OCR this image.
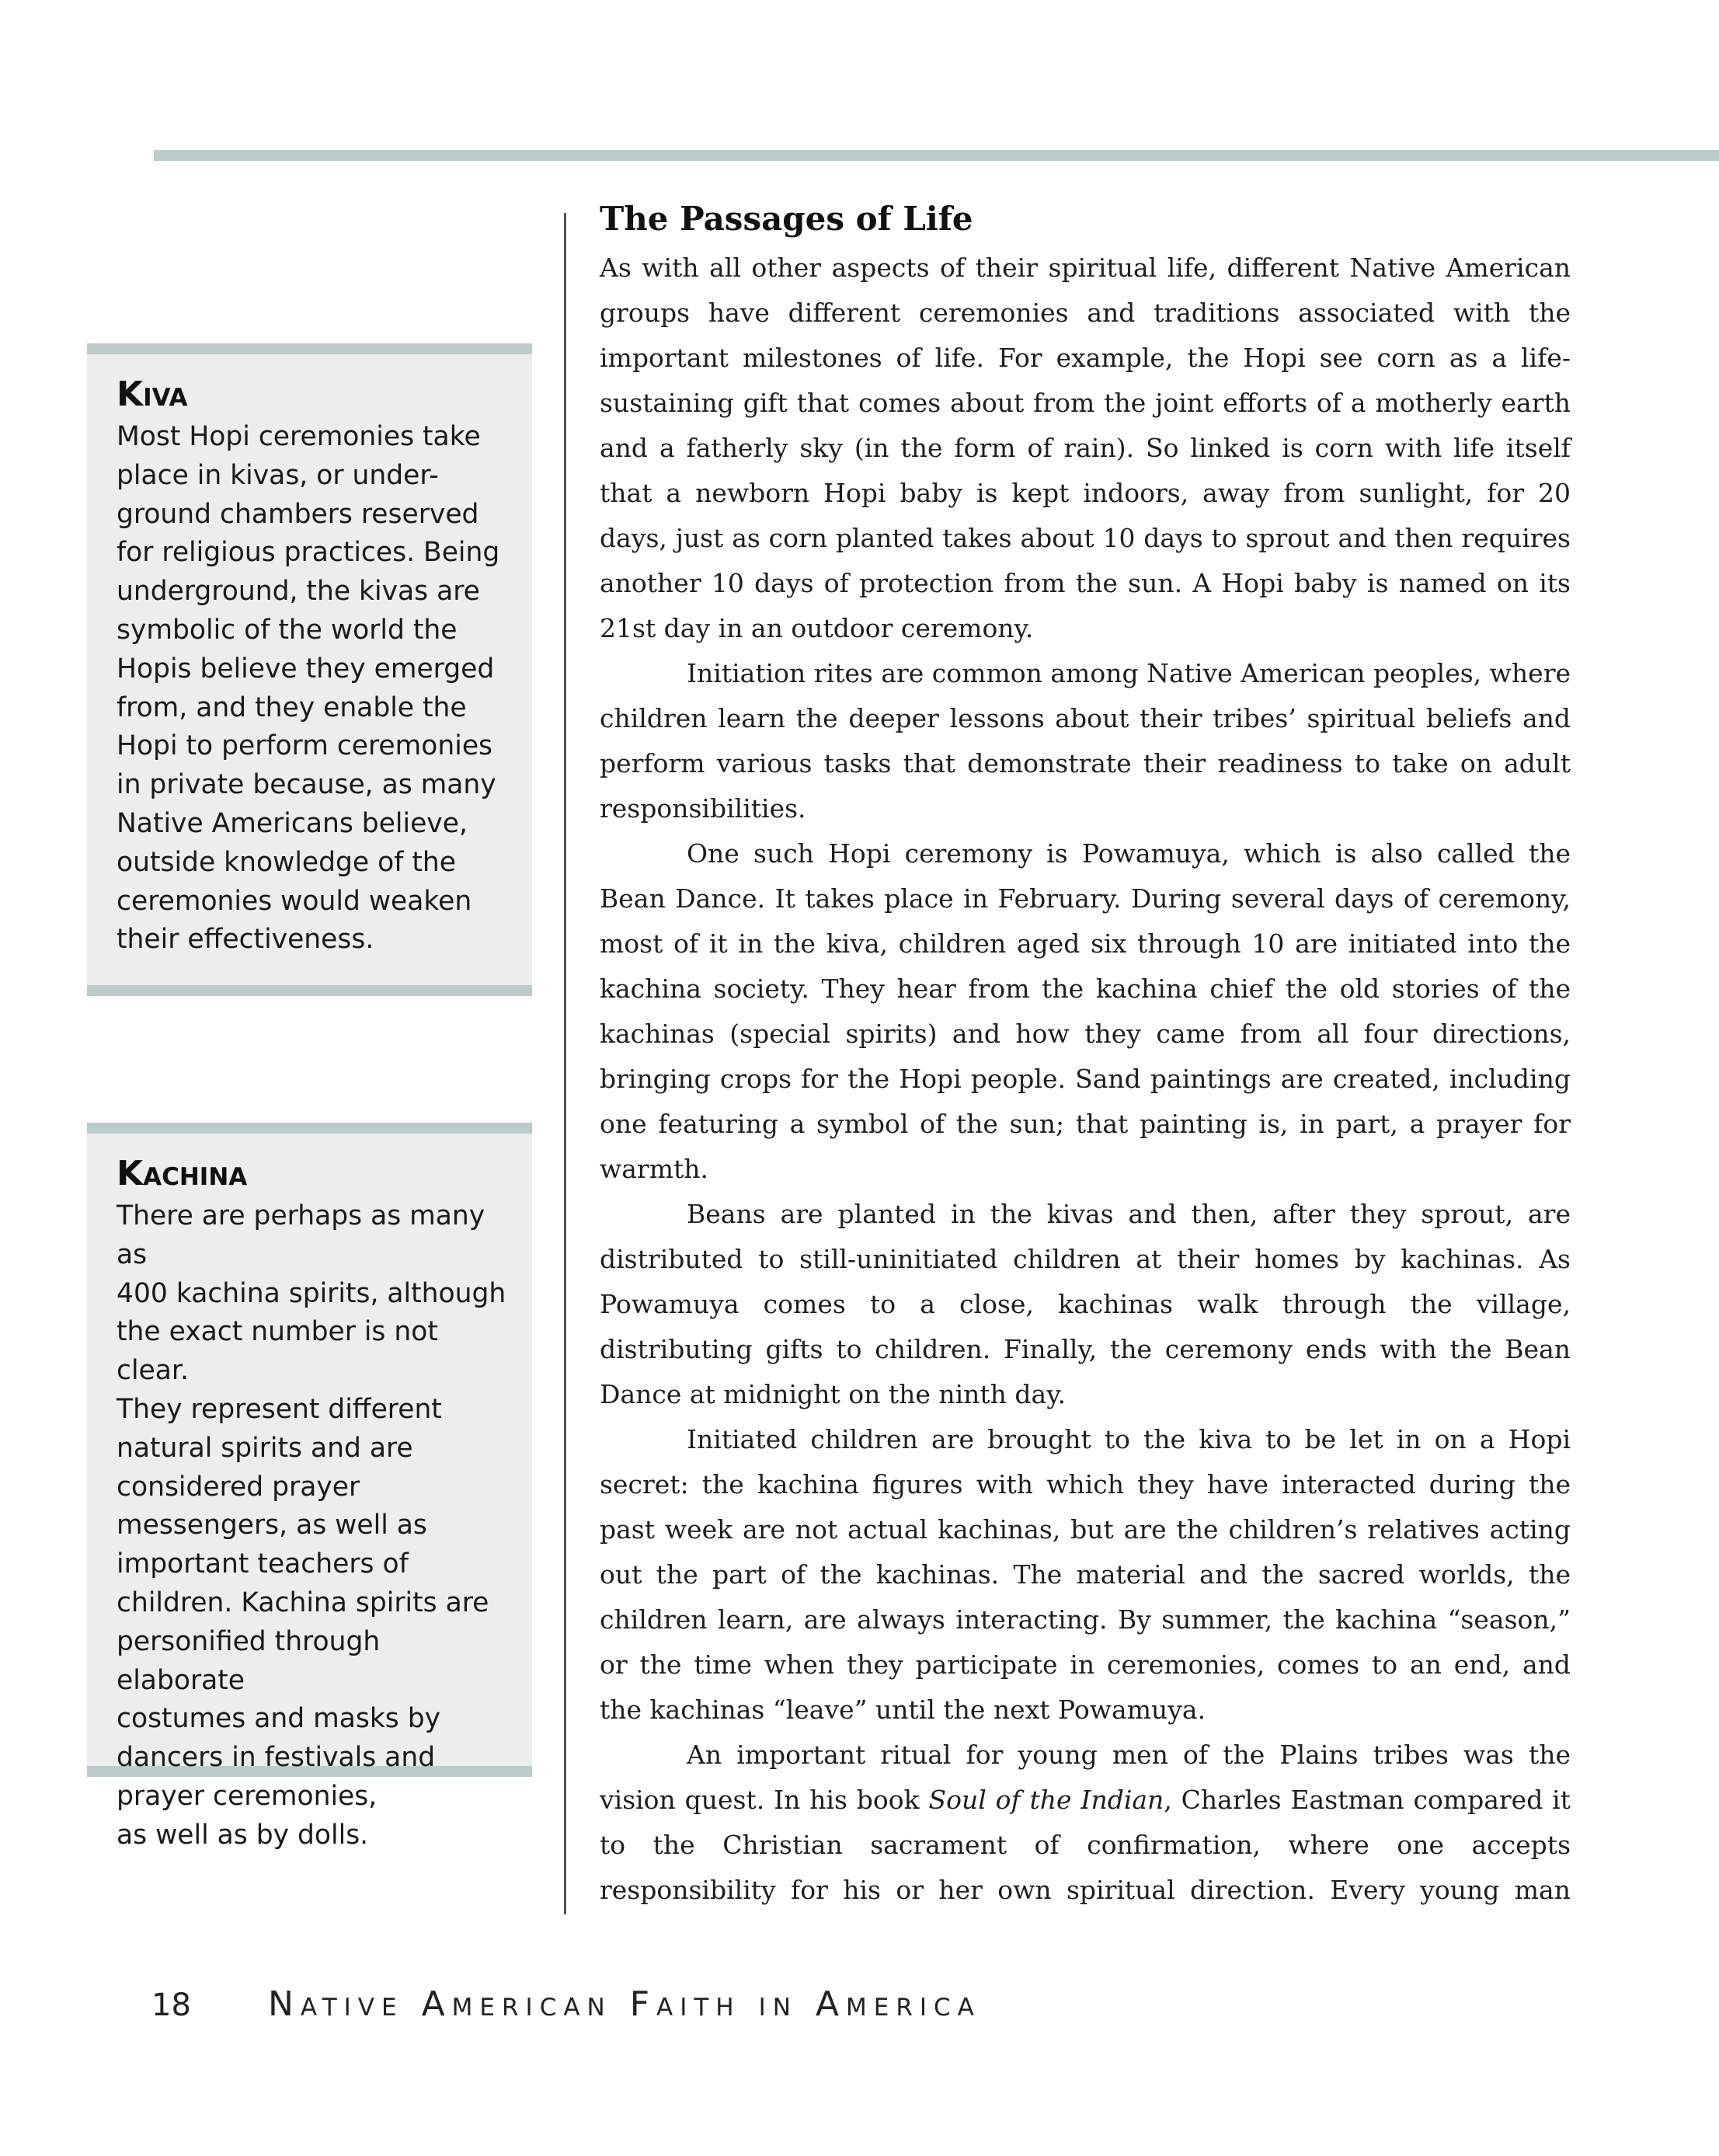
Kiva

Most Hopi ceremonies take
place in kivas, or under-
ground chambers reserved
for religious practices. Being
underground, the kivas are
symbolic of the world the
Hopis believe they emerged
from, and they enable the
Hopi to perform ceremonies
in private because, as many
Native Americans believe,
outside knowledge of the
ceremonies would weaken
their effectiveness.

Kachina

There are perhaps as many as
400 kachina spirits, although
the exact number is not clear.
They represent different
natural spirits and are
considered prayer
messengers, as well as
important teachers of
children. Kachina spirits are
personified through elaborate
costumes and masks by
dancers in festivals and
prayer ceremonies,
as well as by dolls.

The Passages of Life

As with all other aspects of their spiritual life, different Native American groups have different ceremonies and traditions associated with the important milestones of life. For example, the Hopi see corn as a life-sustaining gift that comes about from the joint efforts of a motherly earth and a fatherly sky (in the form of rain). So linked is corn with life itself that a newborn Hopi baby is kept indoors, away from sunlight, for 20 days, just as corn planted takes about 10 days to sprout and then requires another 10 days of protection from the sun. A Hopi baby is named on its 21st day in an outdoor ceremony.

Initiation rites are common among Native American peoples, where children learn the deeper lessons about their tribes’ spiritual beliefs and perform various tasks that demonstrate their readiness to take on adult responsibilities.

One such Hopi ceremony is Powamuya, which is also called the Bean Dance. It takes place in February. During several days of ceremony, most of it in the kiva, children aged six through 10 are initiated into the kachina society. They hear from the kachina chief the old stories of the kachinas (special spirits) and how they came from all four directions, bringing crops for the Hopi people. Sand paintings are created, including one featuring a symbol of the sun; that painting is, in part, a prayer for warmth.

Beans are planted in the kivas and then, after they sprout, are distributed to still-uninitiated children at their homes by kachinas. As Powamuya comes to a close, kachinas walk through the village, distributing gifts to children. Finally, the ceremony ends with the Bean Dance at midnight on the ninth day.

Initiated children are brought to the kiva to be let in on a Hopi secret: the kachina figures with which they have interacted during the past week are not actual kachinas, but are the children’s relatives acting out the part of the kachinas. The material and the sacred worlds, the children learn, are always interacting. By summer, the kachina “season,” or the time when they participate in ceremonies, comes to an end, and the kachinas “leave” until the next Powamuya.

An important ritual for young men of the Plains tribes was the vision quest. In his book Soul of the Indian, Charles Eastman compared it to the Christian sacrament of confirmation, where one accepts responsibility for his or her own spiritual direction. Every young man

18 Native American Faith in America
